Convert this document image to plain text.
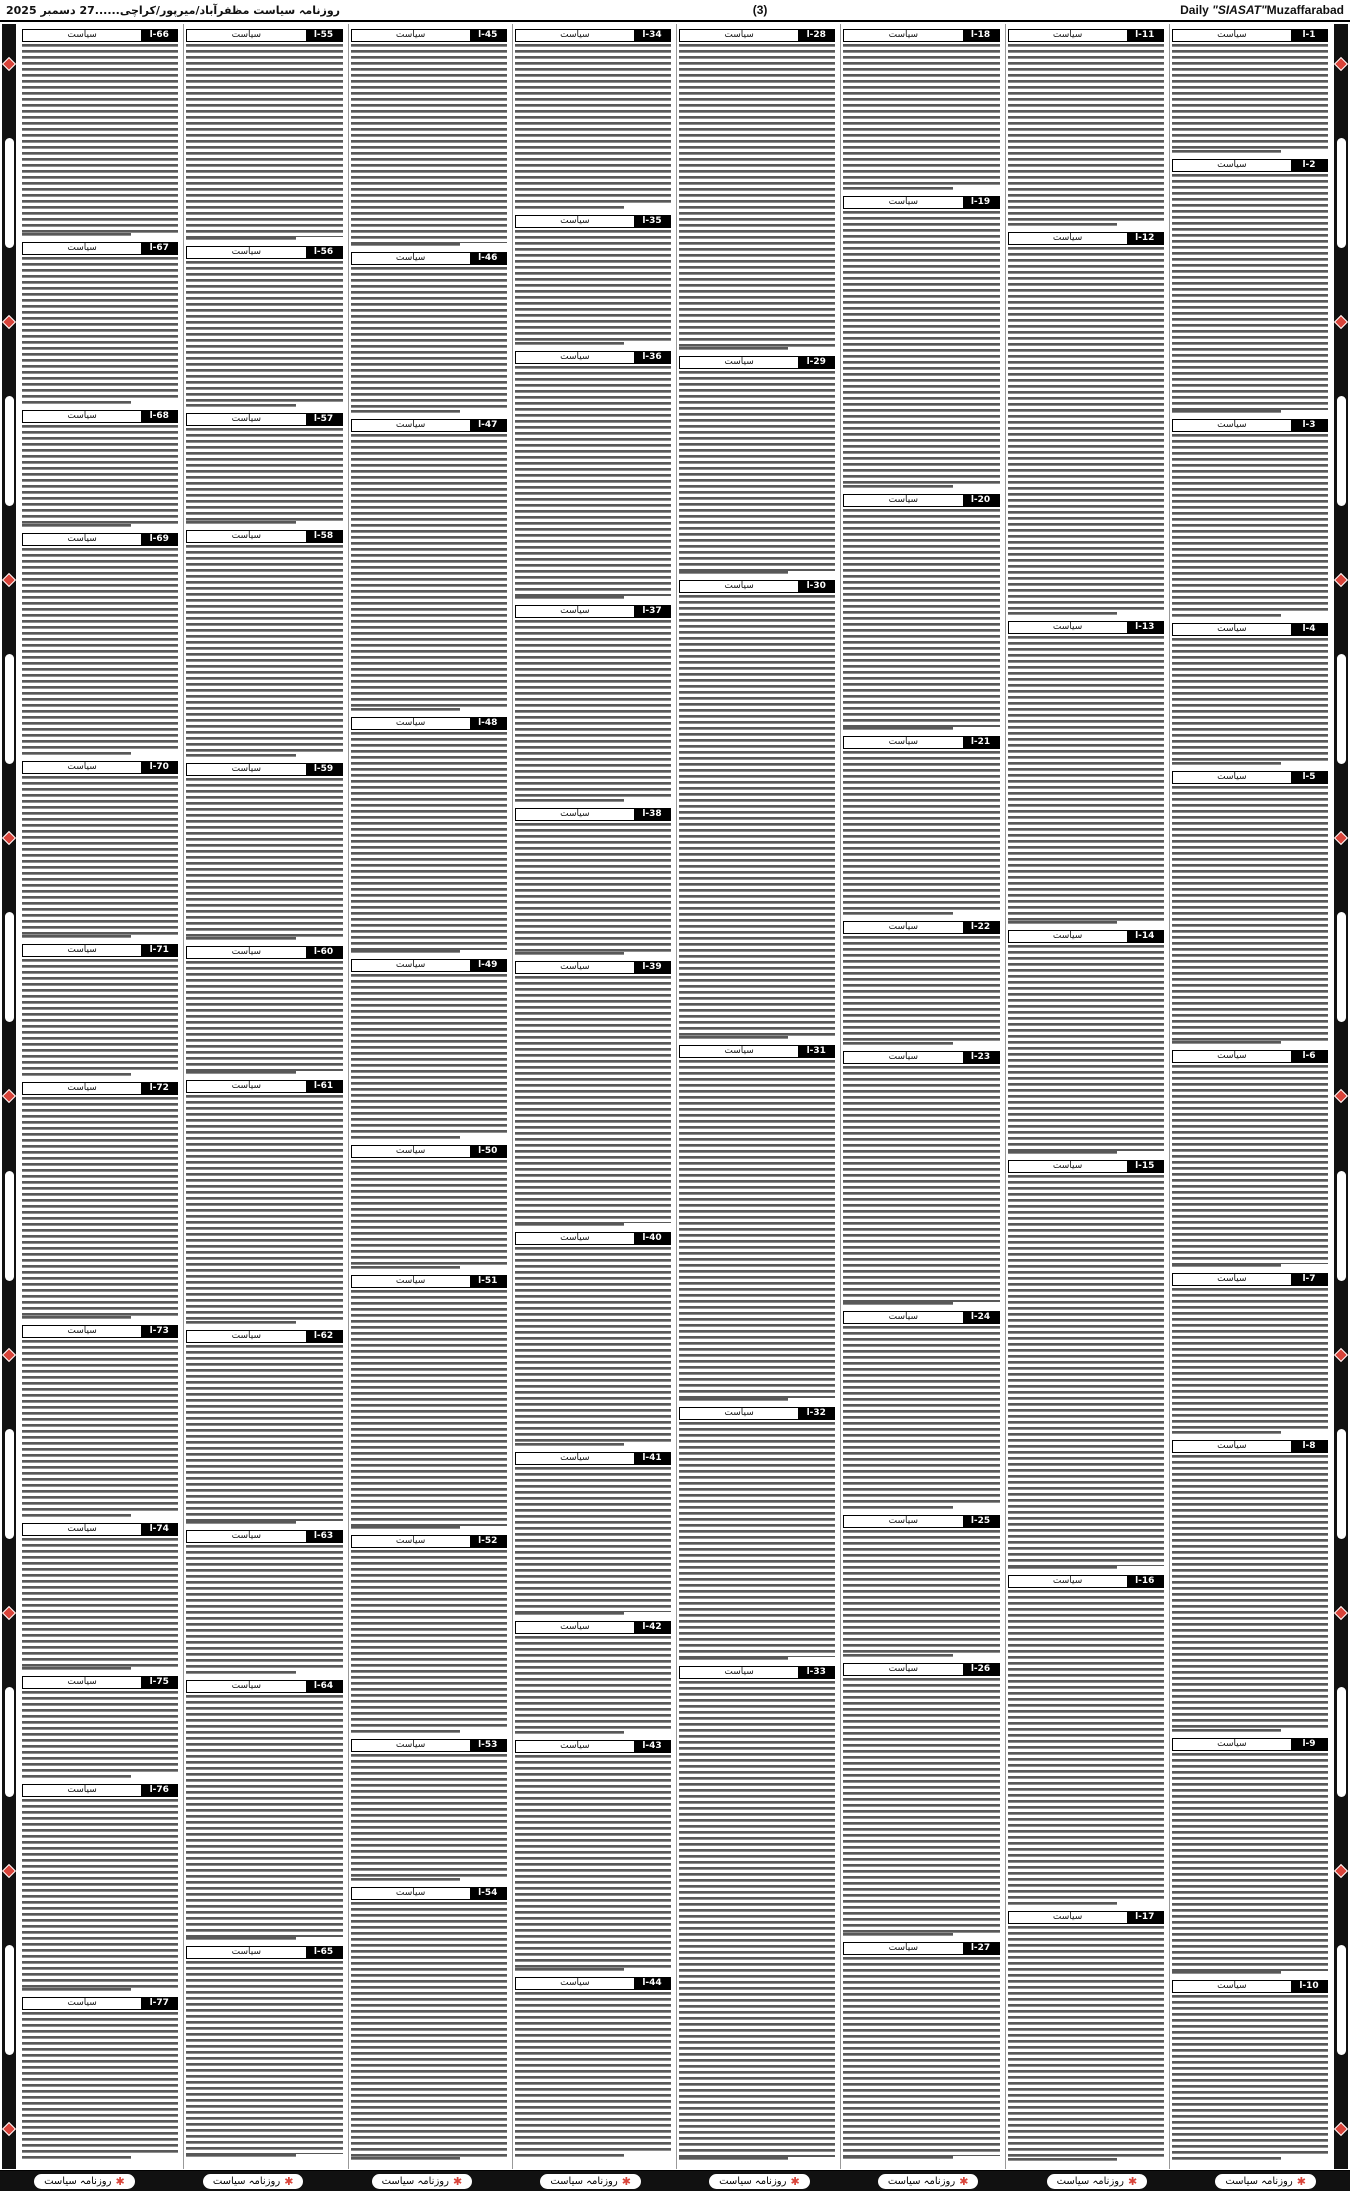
روزنامہ سیاست مظفرآباد/میرپور/کراچی......27 دسمبر 2025	(3)	Daily "SIASAT"Muzaffarabad
1-ا
سیاست
2-ا
سیاست
3-ا
سیاست
4-ا
سیاست
5-ا
سیاست
6-ا
سیاست
7-ا
سیاست
8-ا
سیاست
9-ا
سیاست
10-ا
سیاست
11-ا
سیاست
12-ا
سیاست
13-ا
سیاست
14-ا
سیاست
15-ا
سیاست
16-ا
سیاست
17-ا
سیاست
18-ا
سیاست
19-ا
سیاست
20-ا
سیاست
21-ا
سیاست
22-ا
سیاست
23-ا
سیاست
24-ا
سیاست
25-ا
سیاست
26-ا
سیاست
27-ا
سیاست
28-ا
سیاست
29-ا
سیاست
30-ا
سیاست
31-ا
سیاست
32-ا
سیاست
33-ا
سیاست
34-ا
سیاست
35-ا
سیاست
36-ا
سیاست
37-ا
سیاست
38-ا
سیاست
39-ا
سیاست
40-ا
سیاست
41-ا
سیاست
42-ا
سیاست
43-ا
سیاست
44-ا
سیاست
45-ا
سیاست
46-ا
سیاست
47-ا
سیاست
48-ا
سیاست
49-ا
سیاست
50-ا
سیاست
51-ا
سیاست
52-ا
سیاست
53-ا
سیاست
54-ا
سیاست
55-ا
سیاست
56-ا
سیاست
57-ا
سیاست
58-ا
سیاست
59-ا
سیاست
60-ا
سیاست
61-ا
سیاست
62-ا
سیاست
63-ا
سیاست
64-ا
سیاست
65-ا
سیاست
66-ا
سیاست
67-ا
سیاست
68-ا
سیاست
69-ا
سیاست
70-ا
سیاست
71-ا
سیاست
72-ا
سیاست
73-ا
سیاست
74-ا
سیاست
75-ا
سیاست
76-ا
سیاست
77-ا
سیاست
✱
روزنامہ سیاست
✱
روزنامہ سیاست
✱
روزنامہ سیاست
✱
روزنامہ سیاست
✱
روزنامہ سیاست
✱
روزنامہ سیاست
✱
روزنامہ سیاست
✱
روزنامہ سیاست
